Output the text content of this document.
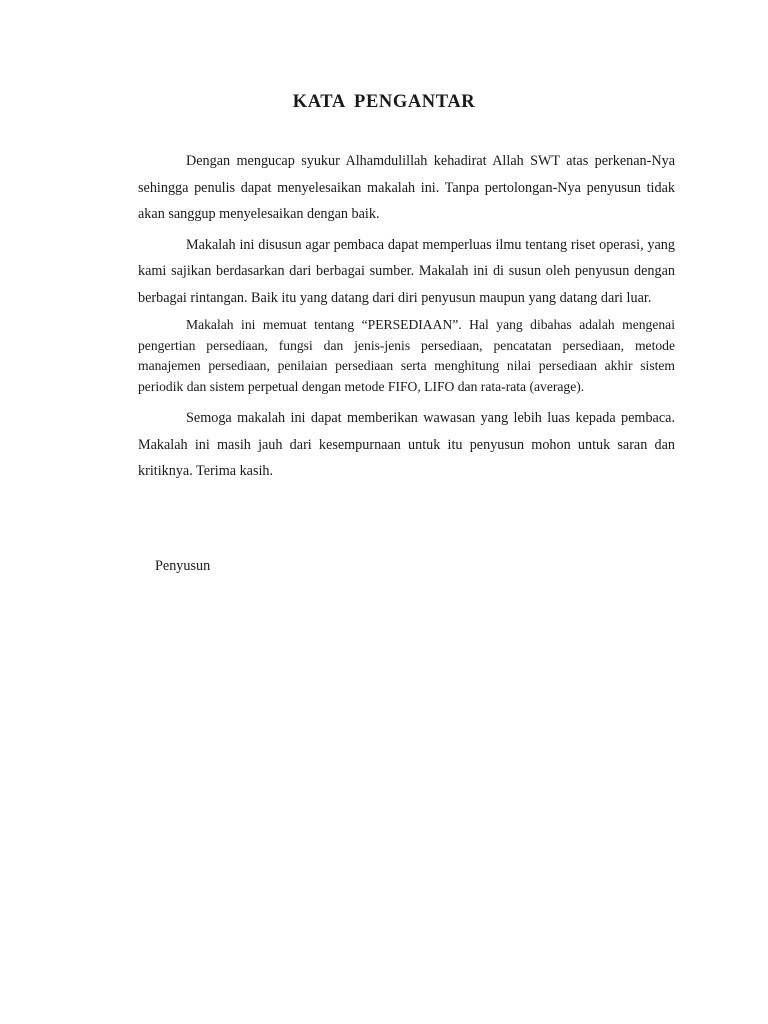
KATA PENGANTAR

Dengan mengucap syukur Alhamdulillah kehadirat Allah SWT atas perkenan-Nya sehingga penulis dapat menyelesaikan makalah ini. Tanpa pertolongan-Nya penyusun tidak akan sanggup menyelesaikan dengan baik.

Makalah ini disusun agar pembaca dapat memperluas ilmu tentang riset operasi, yang kami sajikan berdasarkan dari berbagai sumber. Makalah ini di susun oleh penyusun dengan berbagai rintangan. Baik itu yang datang dari diri penyusun maupun yang datang dari luar.

Makalah ini memuat tentang “PERSEDIAAN”. Hal yang dibahas adalah mengenai pengertian persediaan, fungsi dan jenis-jenis persediaan, pencatatan persediaan, metode manajemen persediaan, penilaian persediaan serta menghitung nilai persediaan akhir sistem periodik dan sistem perpetual dengan metode FIFO, LIFO dan rata-rata (average).

Semoga makalah ini dapat memberikan wawasan yang lebih luas kepada pembaca. Makalah ini masih jauh dari kesempurnaan untuk itu penyusun mohon untuk saran dan kritiknya. Terima kasih.

Penyusun
